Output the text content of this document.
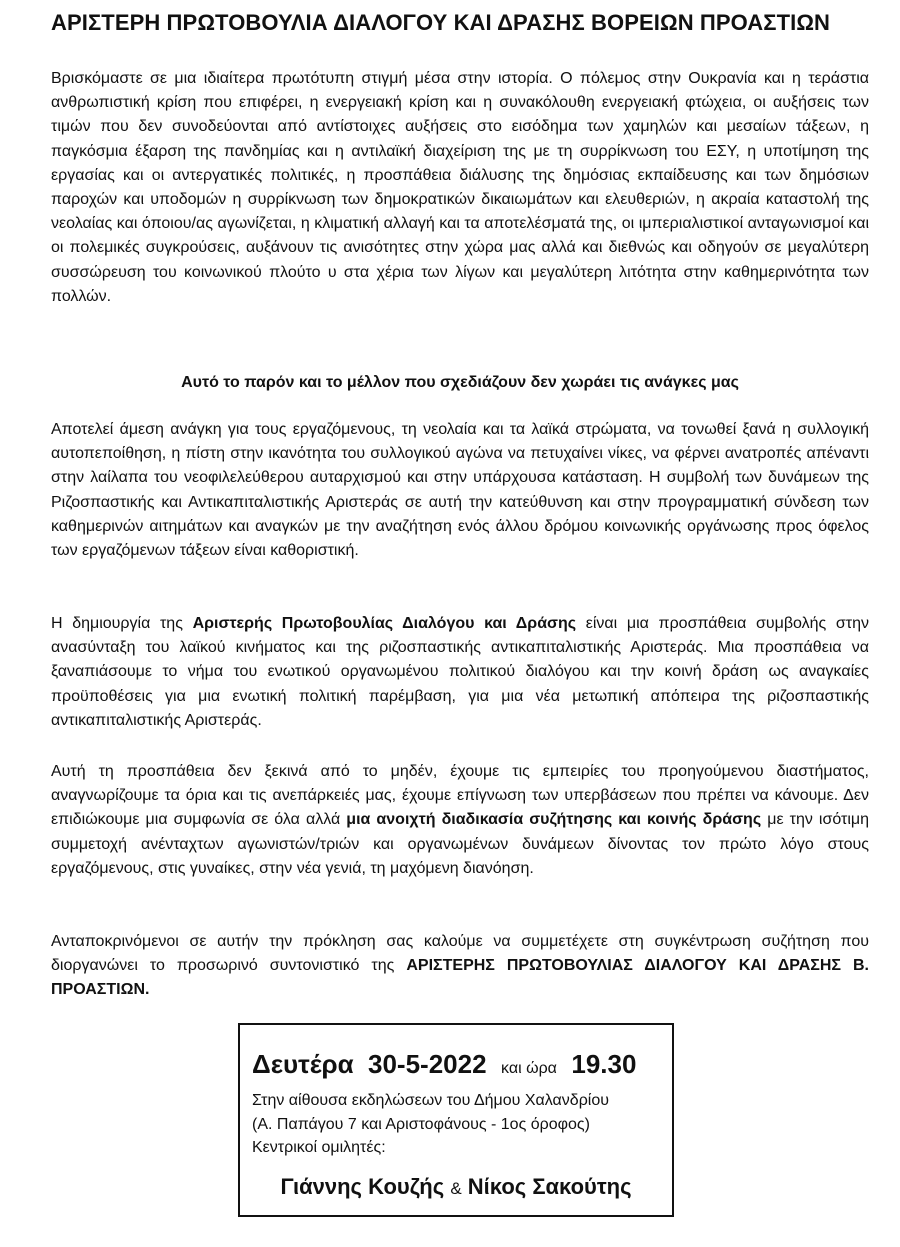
ΑΡΙΣΤΕΡΗ ΠΡΩΤΟΒΟΥΛΙΑ ΔΙΑΛΟΓΟΥ ΚΑΙ ΔΡΑΣΗΣ ΒΟΡΕΙΩΝ ΠΡΟΑΣΤΙΩΝ

Βρισκόμαστε σε μια ιδιαίτερα πρωτότυπη στιγμή μέσα στην ιστορία. Ο πόλεμος στην Ουκρανία και η τεράστια ανθρωπιστική κρίση που επιφέρει, η ενεργειακή κρίση και η συνακόλουθη ενεργειακή φτώχεια, οι αυξήσεις των τιμών που δεν συνοδεύονται από αντίστοιχες αυξήσεις στο εισόδημα των χαμηλών και μεσαίων τάξεων, η παγκόσμια έξαρση της πανδημίας και η αντιλαϊκή διαχείριση της με τη συρρίκνωση του ΕΣΥ, η υποτίμηση της εργασίας και οι αντεργατικές πολιτικές, η προσπάθεια διάλυσης της δημόσιας εκπαίδευσης και των δημόσιων παροχών και υποδομών η συρρίκνωση των δημοκρατικών δικαιωμάτων και ελευθεριών, η ακραία καταστολή της νεολαίας και όποιου/ας αγωνίζεται, η κλιματική αλλαγή και τα αποτελέσματά της, οι ιμπεριαλιστικοί ανταγωνισμοί και οι πολεμικές συγκρούσεις, αυξάνουν τις ανισότητες στην χώρα μας αλλά και διεθνώς και οδηγούν σε μεγαλύτερη συσσώρευση του κοινωνικού πλούτο υ στα χέρια των λίγων και μεγαλύτερη λιτότητα στην καθημερινότητα των πολλών.

Αυτό το παρόν και το μέλλον που σχεδιάζουν δεν χωράει τις ανάγκες μας

Αποτελεί άμεση ανάγκη για τους εργαζόμενους, τη νεολαία και τα λαϊκά στρώματα, να τονωθεί ξανά η συλλογική αυτοπεποίθηση, η πίστη στην ικανότητα του συλλογικού αγώνα να πετυχαίνει νίκες, να φέρνει ανατροπές απέναντι στην λαίλαπα του νεοφιλελεύθερου αυταρχισμού και στην υπάρχουσα κατάσταση. Η συμβολή των δυνάμεων της Ριζοσπαστικής και Αντικαπιταλιστικής Αριστεράς σε αυτή την κατεύθυνση και στην προγραμματική σύνδεση των καθημερινών αιτημάτων και αναγκών με την αναζήτηση ενός άλλου δρόμου κοινωνικής οργάνωσης προς όφελος των εργαζόμενων τάξεων είναι καθοριστική.

Η δημιουργία της Αριστερής Πρωτοβουλίας Διαλόγου και Δράσης είναι μια προσπάθεια συμβολής στην ανασύνταξη του λαϊκού κινήματος και της ριζοσπαστικής αντικαπιταλιστικής Αριστεράς. Μια προσπάθεια να ξαναπιάσουμε το νήμα του ενωτικού οργανωμένου πολιτικού διαλόγου και την κοινή δράση ως αναγκαίες προϋποθέσεις για μια ενωτική πολιτική παρέμβαση, για μια νέα μετωπική απόπειρα της ριζοσπαστικής αντικαπιταλιστικής Αριστεράς.

Αυτή τη προσπάθεια δεν ξεκινά από το μηδέν, έχουμε τις εμπειρίες του προηγούμενου διαστήματος, αναγνωρίζουμε τα όρια και τις ανεπάρκειές μας, έχουμε επίγνωση των υπερβάσεων που πρέπει να κάνουμε. Δεν επιδιώκουμε μια συμφωνία σε όλα αλλά μια ανοιχτή διαδικασία συζήτησης και κοινής δράσης με την ισότιμη συμμετοχή ανένταχτων αγωνιστών/τριών και οργανωμένων δυνάμεων δίνοντας τον πρώτο λόγο στους εργαζόμενους, στις γυναίκες, στην νέα γενιά, τη μαχόμενη διανόηση.

Ανταποκρινόμενοι σε αυτήν την πρόκληση σας καλούμε να συμμετέχετε στη συγκέντρωση συζήτηση που διοργανώνει το προσωρινό συντονιστικό της ΑΡΙΣΤΕΡΗΣ ΠΡΩΤΟΒΟΥΛΙΑΣ ΔΙΑΛΟΓΟΥ ΚΑΙ ΔΡΑΣΗΣ Β. ΠΡΟΑΣΤΙΩΝ.

Δευτέρα 30-5-2022 και ώρα 19.30
Στην αίθουσα εκδηλώσεων του Δήμου Χαλανδρίου
(Α. Παπάγου 7 και Αριστοφάνους - 1ος όροφος)
Κεντρικοί ομιλητές:
Γιάννης Κουζής & Νίκος Σακούτης
